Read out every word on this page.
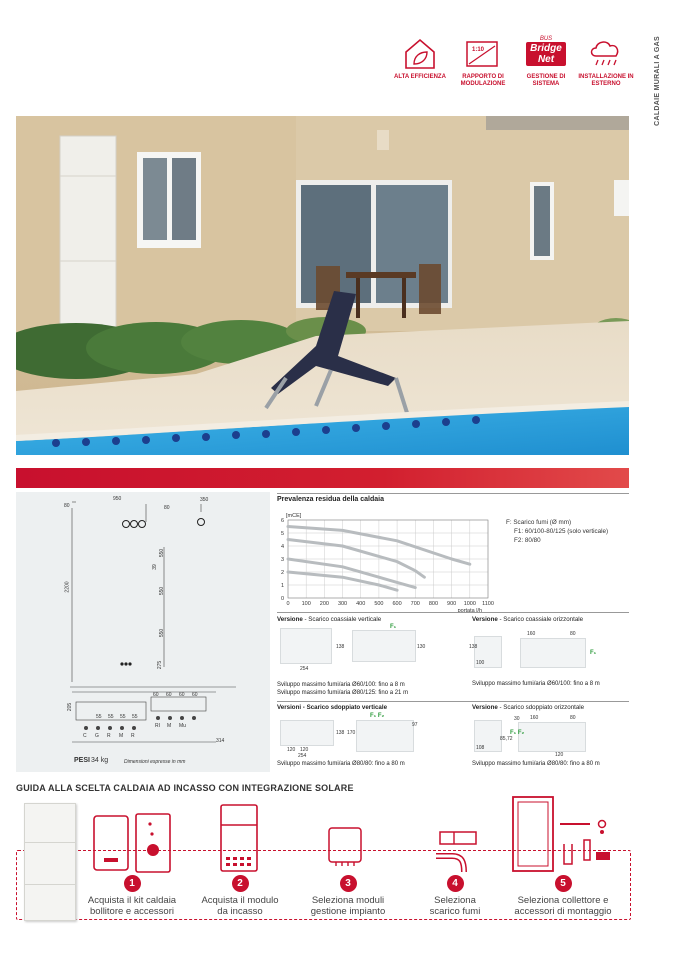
CALDAIE MURALI A GAS
ALTA EFFICIENZA
1:10
RAPPORTO DI MODULAZIONE
BUS
Bridge Net
GESTIONE DI SISTEMA
INSTALLAZIONE IN ESTERNO
80
950	350
80
550
39
550
550
2200
275
205
55 55 55 55
60 60 60 60
314
C G R M R
RI M Mu
PESI 34 kg	Dimensioni espresse in mm
Prevalenza residua della caldaia
0 100 200 300 400 500 600 700 800 900 1000 1100
0
1
2
3
4
5
6
[mCE]
portata l/h
F: Scarico fumi (Ø mm)
F1: 60/100-80/125 (solo verticale)
F2: 80/80
Versione - Scarico coassiale verticale
254
138	130
F₁
Sviluppo massimo fumi/aria Ø60/100: fino a 8 m
Sviluppo massimo fumi/aria Ø80/125: fino a 21 m
Versione - Scarico coassiale orizzontale
160	80
138
100
F₁
Sviluppo massimo fumi/aria Ø60/100: fino a 8 m
Versioni - Scarico sdoppiato verticale
120 120
254
138 170
97
F₁ F₂
Sviluppo massimo fumi/aria Ø80/80: fino a 80 m
Versione - Scarico sdoppiato orizzontale
30 160	80
108
85,72
120
F₁ F₂
Sviluppo massimo fumi/aria Ø80/80: fino a 80 m
GUIDA ALLA SCELTA CALDAIA AD INCASSO CON INTEGRAZIONE SOLARE
1
Acquista il kit caldaia
bollitore e accessori
2
Acquista il modulo
da incasso
3
Seleziona moduli
gestione impianto
4
Seleziona
scarico fumi
5
Seleziona collettore e
accessori di montaggio
